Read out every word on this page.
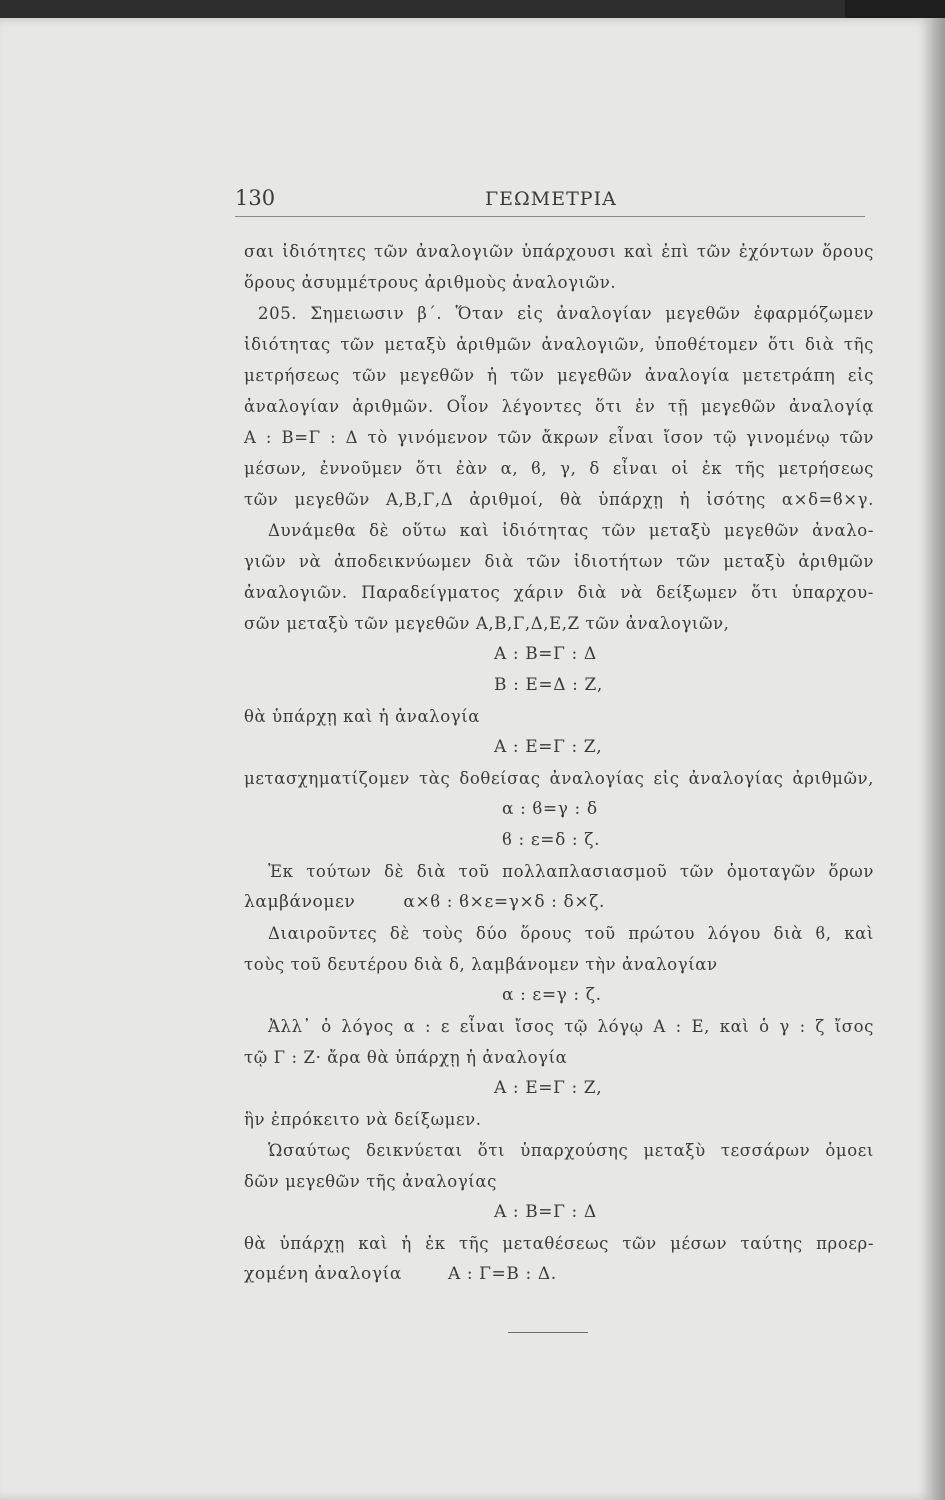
130	ΓΕΩΜΕΤΡΙΑ
σαι ἰδιότητες τῶν ἀναλογιῶν ὑπάρχουσι καὶ ἐπὶ τῶν ἐχόντων ὅρους
ὅρους ἀσυμμέτρους ἀριθμοὺς ἀναλογιῶν.
205. Σημειωσιν β΄. Ὅταν εἰς ἀναλογίαν μεγεθῶν ἐφαρμόζωμεν
ἰδιότητας τῶν μεταξὺ ἀριθμῶν ἀναλογιῶν, ὑποθέτομεν ὅτι διὰ τῆς
μετρήσεως τῶν μεγεθῶν ἡ τῶν μεγεθῶν ἀναλογία μετετράπη εἰς
ἀναλογίαν ἀριθμῶν. Οἷον λέγοντες ὅτι ἐν τῇ μεγεθῶν ἀναλογίᾳ
Α : Β=Γ : Δ τὸ γινόμενον τῶν ἄκρων εἶναι ἴσον τῷ γινομένῳ τῶν
μέσων, ἐννοῦμεν ὅτι ἐὰν α, ϐ, γ, δ εἶναι οἱ ἐκ τῆς μετρήσεως
τῶν μεγεθῶν Α,Β,Γ,Δ ἀριθμοί, θὰ ὑπάρχῃ ἡ ἰσότης α×δ=ϐ×γ.
Δυνάμεθα δὲ οὕτω καὶ ἰδιότητας τῶν μεταξὺ μεγεθῶν ἀναλο-
γιῶν νὰ ἀποδεικνύωμεν διὰ τῶν ἰδιοτήτων τῶν μεταξὺ ἀριθμῶν
ἀναλογιῶν. Παραδείγματος χάριν διὰ νὰ δείξωμεν ὅτι ὑπαρχου-
σῶν μεταξὺ τῶν μεγεθῶν Α,Β,Γ,Δ,Ε,Ζ τῶν ἀναλογιῶν,
Α : Β=Γ : Δ
Β : Ε=Δ : Ζ,
θὰ ὑπάρχῃ καὶ ἡ ἀναλογία
Α : Ε=Γ : Ζ,
μετασχηματίζομεν τὰς δοθείσας ἀναλογίας εἰς ἀναλογίας ἀριθμῶν,
α : ϐ=γ : δ
ϐ : ε=δ : ζ.
Ἐκ τούτων δὲ διὰ τοῦ πολλαπλασιασμοῦ τῶν ὁμοταγῶν ὅρων
λαμβάνομεν	α×ϐ : ϐ×ε=γ×δ : δ×ζ.
Διαιροῦντες δὲ τοὺς δύο ὅρους τοῦ πρώτου λόγου διὰ ϐ, καὶ
τοὺς τοῦ δευτέρου διὰ δ, λαμβάνομεν τὴν ἀναλογίαν
α : ε=γ : ζ.
Ἀλλ᾽ ὁ λόγος α : ε εἶναι ἴσος τῷ λόγῳ Α : Ε, καὶ ὁ γ : ζ ἴσος
τῷ Γ : Ζ· ἄρα θὰ ὑπάρχῃ ἡ ἀναλογία
Α : Ε=Γ : Ζ,
ἣν ἐπρόκειτο νὰ δείξωμεν.
Ὡσαύτως δεικνύεται ὅτι ὑπαρχούσης μεταξὺ τεσσάρων ὁμοει
δῶν μεγεθῶν τῆς ἀναλογίας
Α : Β=Γ : Δ
θὰ ὑπάρχῃ καὶ ἡ ἐκ τῆς μεταθέσεως τῶν μέσων ταύτης προερ-
χομένη ἀναλογία	Α : Γ=Β : Δ.
